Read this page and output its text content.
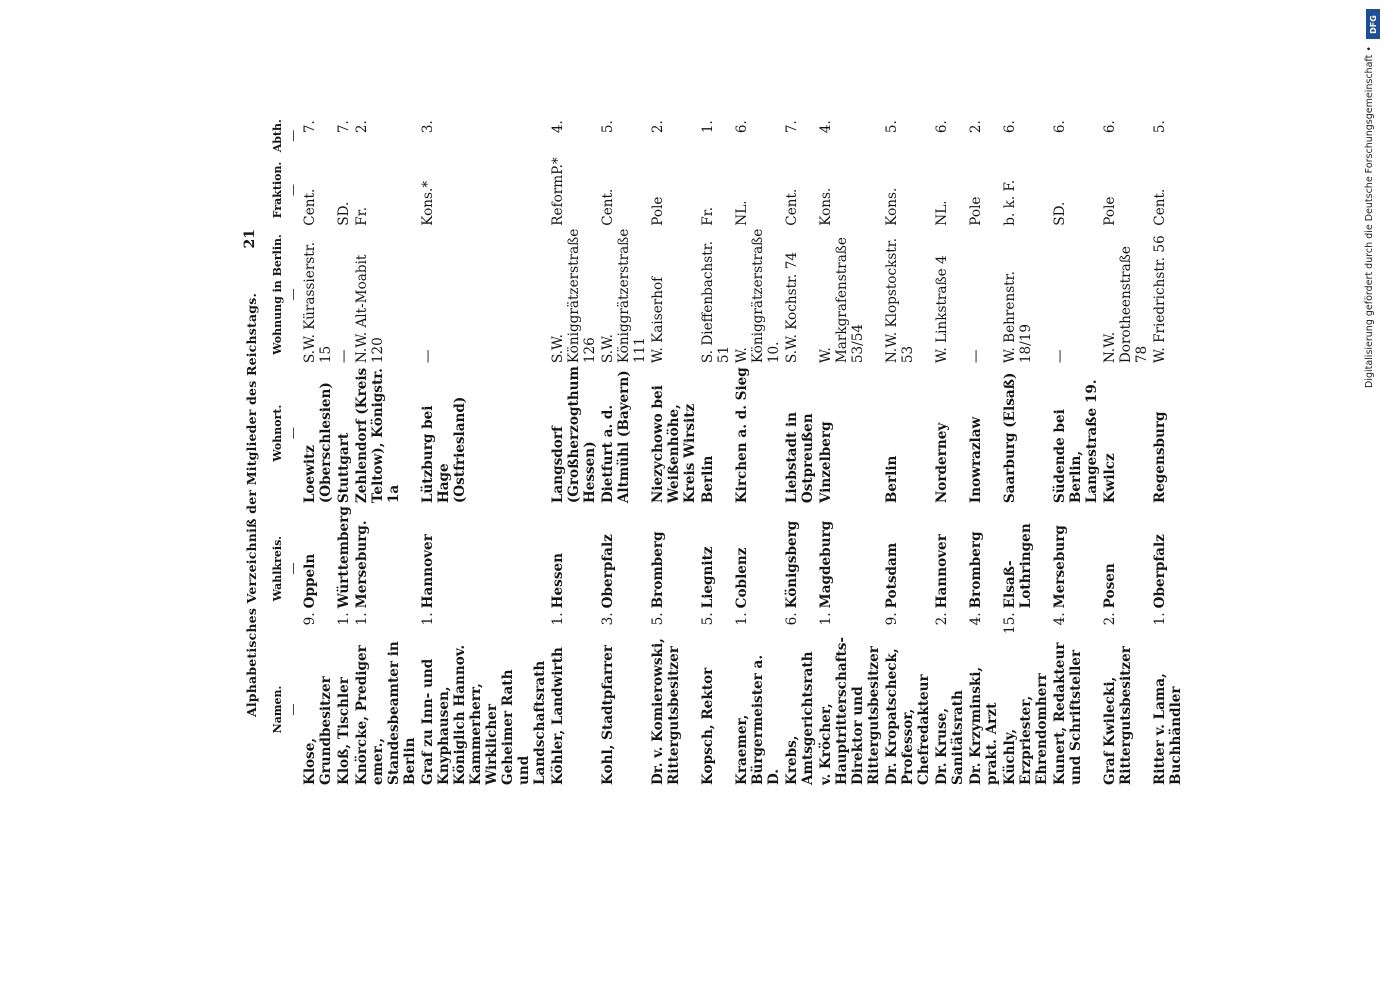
Alphabetisches Verzeichniß der Mitglieder des Reichstags.
21
Namen.	Wahlkreis.		Wohnort.	Wohnung in Berlin.	Fraktion.	Abth.
—	—		—	—	—	—
Klose, Grundbesitzer	9.	Oppeln	Loewitz (Oberschlesien)	S.W. Kürassierstr. 15	Cent.	7.

Kloß, Tischler	1.	Württemberg	Stuttgart	—	SD.	7.

Knörcke, Prediger emer., Standesbeamter in Berlin	1.	Merseburg.	Zehlendorf (Kreis Teltow), Königstr. 1a	N.W. Alt-Moabit 120	Fr.	2.

Graf zu Inn- und Knyphausen, Königlich Hannov. Kammerherr, Wirklicher Geheimer Rath und Landschaftsrath	1.	Hannover	Lützburg bei Hage (Ostfriesland)	—	Kons.*	3.

Köhler, Landwirth	1.	Hessen	Langsdorf (Großherzogthum Hessen)	S.W. Königgrätzerstraße 126	ReformP.*	4.

Kohl, Stadtpfarrer	3.	Oberpfalz	Dietfurt a. d. Altmühl (Bayern)	S.W. Königgrätzerstraße 111	Cent.	5.

Dr. v. Komierowski, Rittergutsbesitzer	5.	Bromberg	Niezychowo bei Weißenhöhe, Kreis Wirsitz	W. Kaiserhof	Pole	2.

Kopsch, Rektor	5.	Liegnitz	Berlin	S. Dieffenbachstr. 51	Fr.	1.

Kraemer, Bürgermeister a. D.	1.	Coblenz	Kirchen a. d. Sieg	W. Königgrätzerstraße 10.	NL.	6.

Krebs, Amtsgerichtsrath	6.	Königsberg	Liebstadt in Ostpreußen	S.W. Kochstr. 74	Cent.	7.

v. Kröcher, Hauptritterschafts-Direktor und Rittergutsbesitzer	1.	Magdeburg	Vinzelberg	W. Markgrafenstraße 53/54	Kons.	4.

Dr. Kropatscheck, Professor, Chefredakteur	9.	Potsdam	Berlin	N.W. Klopstockstr. 53	Kons.	5.

Dr. Kruse, Sanitätsrath	2.	Hannover	Norderney	W. Linkstraße 4	NL.	6.

Dr. Krzyminski, prakt. Arzt	4.	Bromberg	Inowrazlaw	—	Pole	2.

Küchly, Erzpriester, Ehrendomherr	15.	Elsaß-Lothringen	Saarburg (Elsaß)	W. Behrenstr. 18/19	b. k. F.	6.

Kunert, Redakteur und Schriftsteller	4.	Merseburg	Südende bei Berlin, Langestraße 19.	—	SD.	6.

Graf Kwilecki, Rittergutsbesitzer	2.	Posen	Kwilcz	N.W. Dorotheenstraße 78	Pole	6.

Ritter v. Lama, Buchhändler	1.	Oberpfalz	Regensburg	W. Friedrichstr. 56	Cent.	5.

DFG
Digitalisierung gefördert durch die Deutsche Forschungsgemeinschaft •
